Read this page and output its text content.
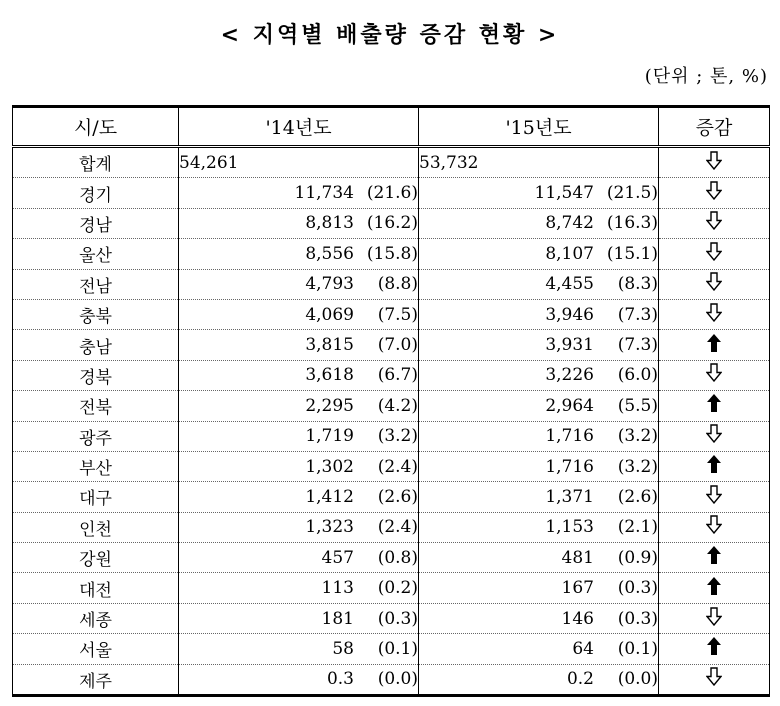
< 지역별 배출량 증감 현황 >
(단위 ; 톤, %)
시/도	'14년도	'15년도	증감
합계	54,261	53,732	
경기	11,734 (21.6)	11,547 (21.5)	
경남	8,813 (16.2)	8,742 (16.3)	
울산	8,556 (15.8)	8,107 (15.1)	
전남	4,793 (8.8)	4,455 (8.3)	
충북	4,069 (7.5)	3,946 (7.3)	
충남	3,815 (7.0)	3,931 (7.3)	
경북	3,618 (6.7)	3,226 (6.0)	
전북	2,295 (4.2)	2,964 (5.5)	
광주	1,719 (3.2)	1,716 (3.2)	
부산	1,302 (2.4)	1,716 (3.2)	
대구	1,412 (2.6)	1,371 (2.6)	
인천	1,323 (2.4)	1,153 (2.1)	
강원	457 (0.8)	481 (0.9)	
대전	113 (0.2)	167 (0.3)	
세종	181 (0.3)	146 (0.3)	
서울	58 (0.1)	64 (0.1)	
제주	0.3 (0.0)	0.2 (0.0)	
